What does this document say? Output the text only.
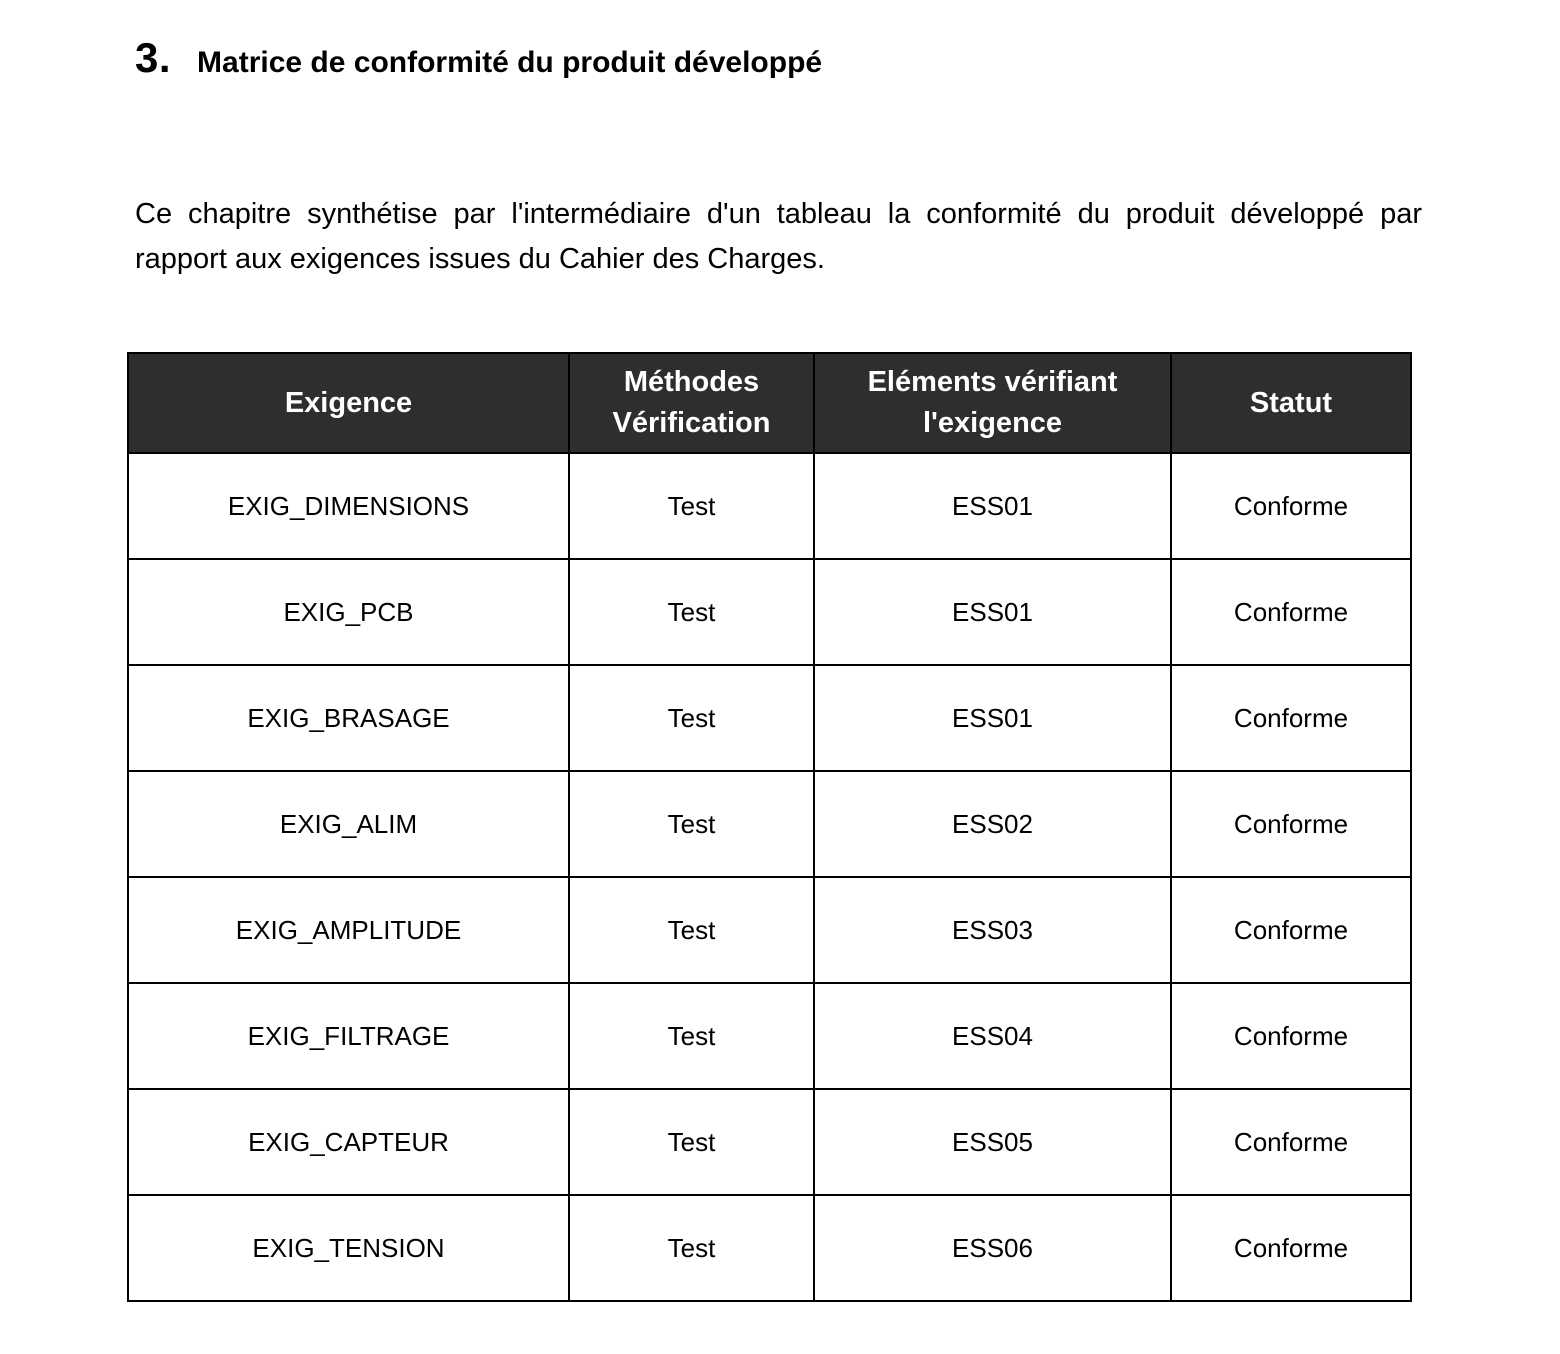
3. Matrice de conformité du produit développé

Ce chapitre synthétise par l'intermédiaire d'un tableau la conformité du produit développé par rapport aux exigences issues du Cahier des Charges.

Exigence	Méthodes Vérification	Eléments vérifiant l'exigence	Statut
EXIG_DIMENSIONS	Test	ESS01	Conforme
EXIG_PCB	Test	ESS01	Conforme
EXIG_BRASAGE	Test	ESS01	Conforme
EXIG_ALIM	Test	ESS02	Conforme
EXIG_AMPLITUDE	Test	ESS03	Conforme
EXIG_FILTRAGE	Test	ESS04	Conforme
EXIG_CAPTEUR	Test	ESS05	Conforme
EXIG_TENSION	Test	ESS06	Conforme
